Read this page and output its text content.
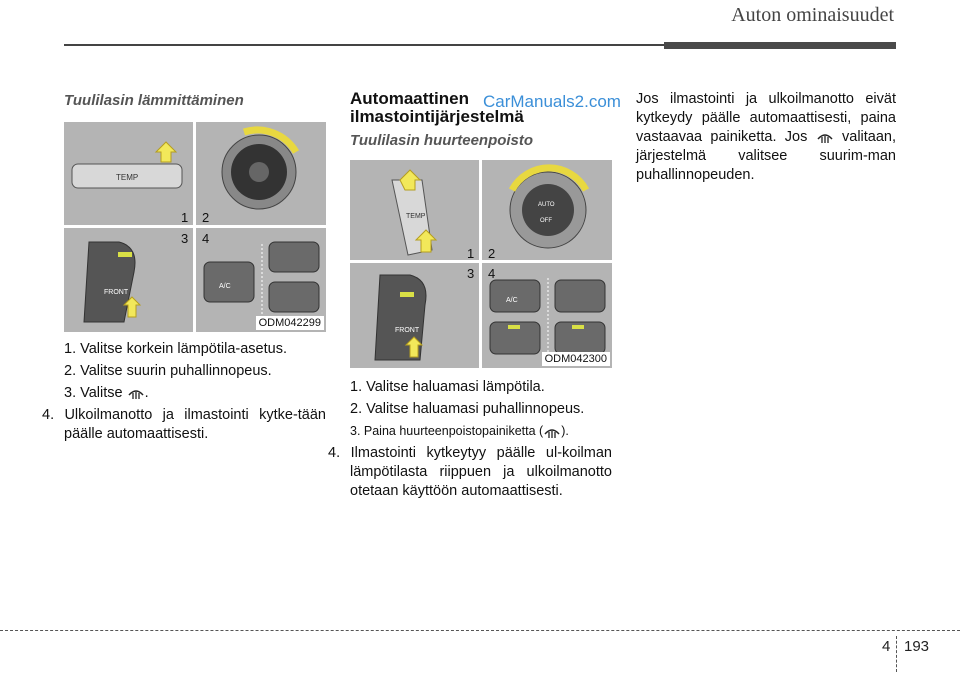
Auton ominaisuudet
Tuulilasin lämmittäminen
TEMP
FRONT
A/C
1 2
3 4
ODM042299
1. Valitse korkein lämpötila-asetus.
2. Valitse suurin puhallinnopeus.
3. Valitse .
4. Ulkoilmanotto ja ilmastointi kytke-tään päälle automaattisesti.
Automaattinen
ilmastointijärjestelmä
CarManuals2.com
Tuulilasin huurteenpoisto
TEMP
AUTO
OFF
FRONT
A/C
1 2
3 4
ODM042300
1. Valitse haluamasi lämpötila.
2. Valitse haluamasi puhallinnopeus.
3. Paina huurteenpoistopainiketta ( ).
4. Ilmastointi kytkeytyy päälle ul-koilman lämpötilasta riippuen ja ulkoilmanotto otetaan käyttöön automaattisesti.
Jos ilmastointi ja ulkoilmanotto eivät kytkeydy päälle automaattisesti, paina vastaavaa painiketta. Jos valitaan, järjestelmä valitsee suurim-man puhallinnopeuden.
4 193
